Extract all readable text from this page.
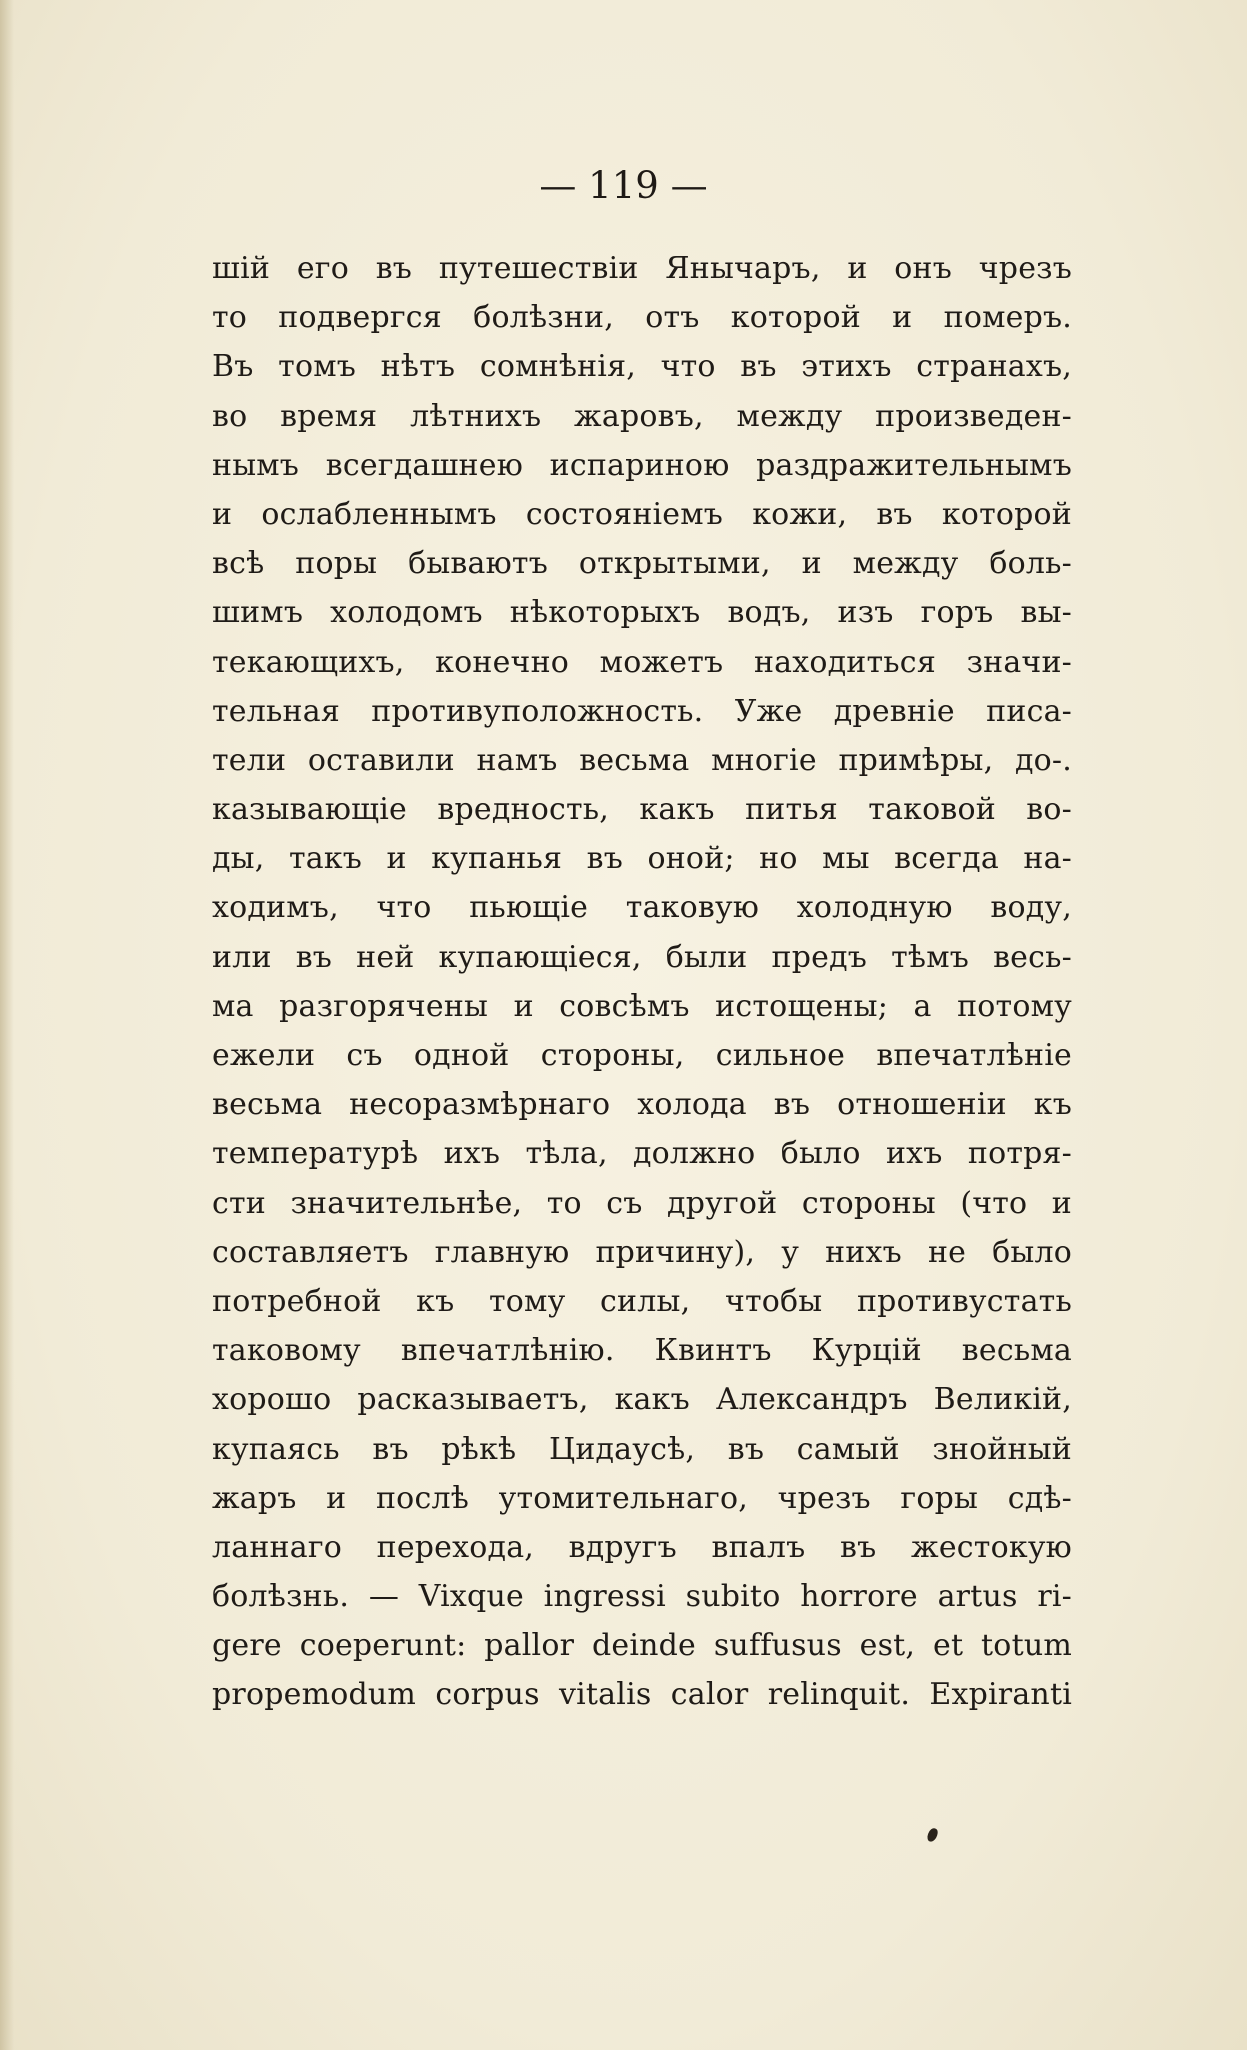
— 119 —
шій его въ путешествіи Янычаръ, и онъ чрезъ
то подвергся болѣзни, отъ которой и померъ.
Въ томъ нѣтъ сомнѣнія, что въ этихъ странахъ,
во время лѣтнихъ жаровъ, между произведен-
нымъ всегдашнею испариною раздражительнымъ
и ослабленнымъ состояніемъ кожи, въ которой
всѣ поры бываютъ открытыми, и между боль-
шимъ холодомъ нѣкоторыхъ водъ, изъ горъ вы-
текающихъ, конечно можетъ находиться значи-
тельная противуположность. Уже древніе писа-
тели оставили намъ весьма многіе примѣры, до-.
казывающіе вредность, какъ питья таковой во-
ды, такъ и купанья въ оной; но мы всегда на-
ходимъ, что пьющіе таковую холодную воду,
или въ ней купающіеся, были предъ тѣмъ весь-
ма разгорячены и совсѣмъ истощены; а потому
ежели съ одной стороны, сильное впечатлѣніе
весьма несоразмѣрнаго холода въ отношеніи къ
температурѣ ихъ тѣла, должно было ихъ потря-
сти значительнѣе, то съ другой стороны (что и
составляетъ главную причину), у нихъ не было
потребной къ тому силы, чтобы противустать
таковому впечатлѣнію. Квинтъ Курцій весьма
хорошо расказываетъ, какъ Александръ Великій,
купаясь въ рѣкѣ Цидаусѣ, въ самый знойный
жаръ и послѣ утомительнаго, чрезъ горы сдѣ-
ланнаго перехода, вдругъ впалъ въ жестокую
болѣзнь. — Vixque ingressi subito horrore artus ri-
gere coeperunt: pallor deinde suffusus est, et totum
propemodum corpus vitalis calor relinquit. Expiranti
